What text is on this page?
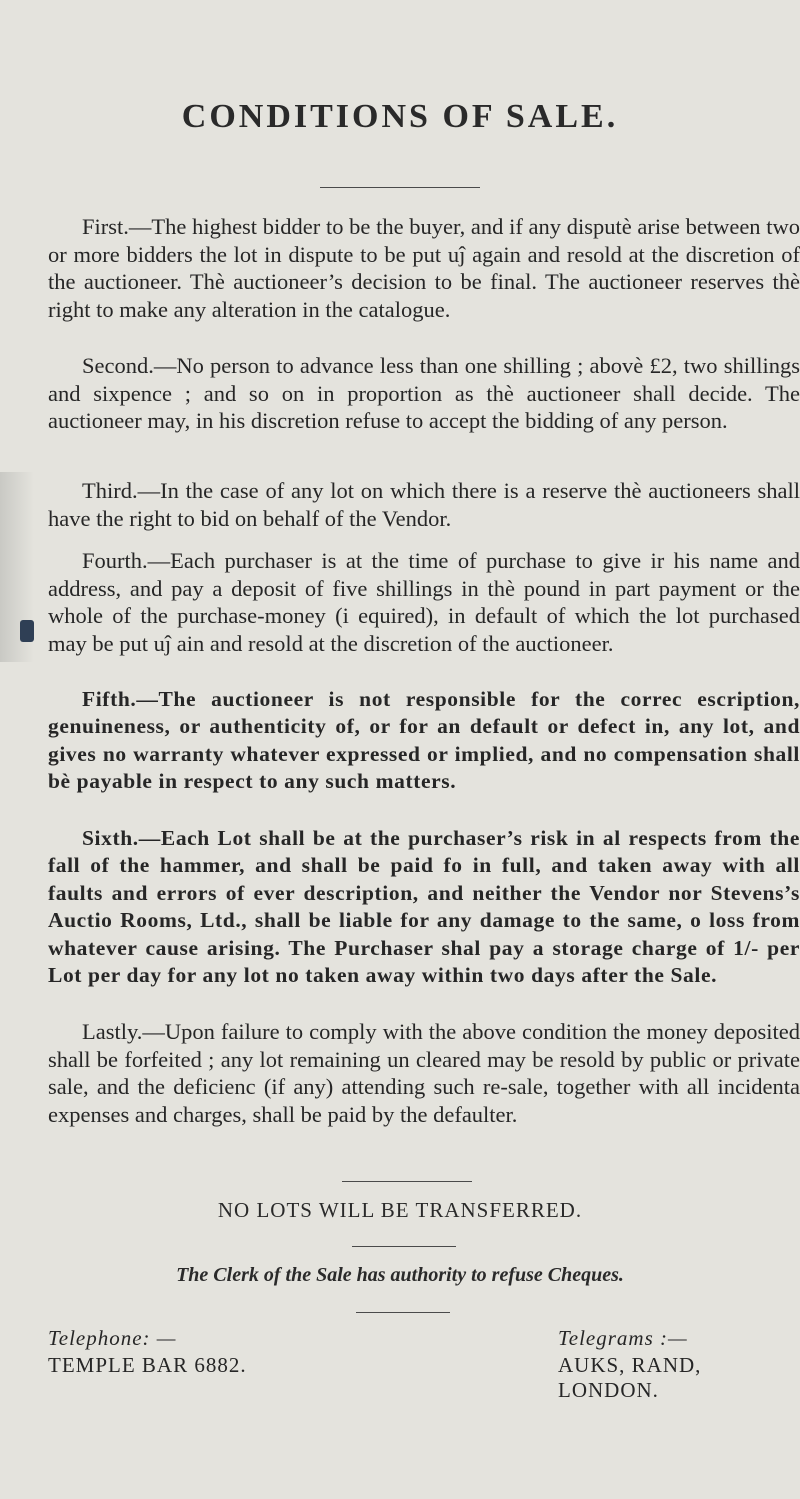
CONDITIONS OF SALE.

First.—The highest bidder to be the buyer, and if any disputè arise between two or more bidders the lot in dispute to be put uĵ again and resold at the discretion of the auctioneer. Thè auctioneer’s decision to be final. The auctioneer reserves thè right to make any alteration in the catalogue.

Second.—No person to advance less than one shilling ; abovè £2, two shillings and sixpence ; and so on in proportion as thè auctioneer shall decide. The auctioneer may, in his discretion refuse to accept the bidding of any person.

Third.—In the case of any lot on which there is a reserve thè auctioneers shall have the right to bid on behalf of the Vendor.

Fourth.—Each purchaser is at the time of purchase to give ir his name and address, and pay a deposit of five shillings in thè pound in part payment or the whole of the purchase-money (i equired), in default of which the lot purchased may be put uĵ ain and resold at the discretion of the auctioneer.

Fifth.—The auctioneer is not responsible for the correc escription, genuineness, or authenticity of, or for an default or defect in, any lot, and gives no warranty whatever expressed or implied, and no compensation shall bè payable in respect to any such matters.

Sixth.—Each Lot shall be at the purchaser’s risk in al respects from the fall of the hammer, and shall be paid fo in full, and taken away with all faults and errors of ever description, and neither the Vendor nor Stevens’s Auctio Rooms, Ltd., shall be liable for any damage to the same, o loss from whatever cause arising. The Purchaser shal pay a storage charge of 1/- per Lot per day for any lot no taken away within two days after the Sale.

Lastly.—Upon failure to comply with the above condition the money deposited shall be forfeited ; any lot remaining un cleared may be resold by public or private sale, and the deficienc (if any) attending such re-sale, together with all incidenta expenses and charges, shall be paid by the defaulter.

NO LOTS WILL BE TRANSFERRED.
The Clerk of the Sale has authority to refuse Cheques.
Telephone: —
TEMPLE BAR 6882.
Telegrams :—
AUKS, RAND, LONDON.
